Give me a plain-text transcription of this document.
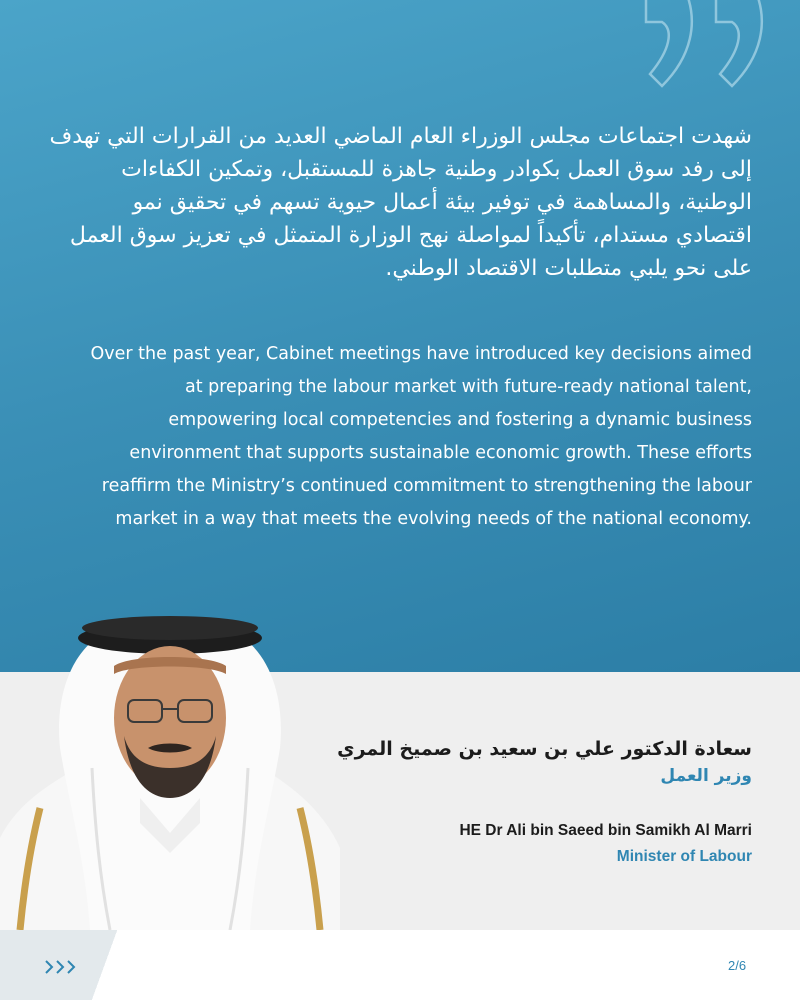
شهدت اجتماعات مجلس الوزراء العام الماضي العديد من القرارات التي تهدف
إلى رفد سوق العمل بكوادر وطنية جاهزة للمستقبل، وتمكين الكفاءات
الوطنية، والمساهمة في توفير بيئة أعمال حيوية تسهم في تحقيق نمو
اقتصادي مستدام، تأكيداً لمواصلة نهج الوزارة المتمثل في تعزيز سوق العمل
على نحو يلبي متطلبات الاقتصاد الوطني.
Over the past year, Cabinet meetings have introduced key decisions aimed
at preparing the labour market with future-ready national talent,
empowering local competencies and fostering a dynamic business
environment that supports sustainable economic growth. These efforts
reaffirm the Ministry’s continued commitment to strengthening the labour
market in a way that meets the evolving needs of the national economy.
سعادة الدكتور علي بن سعيد بن صميخ المري
وزير العمل
HE Dr Ali bin Saeed bin Samikh Al Marri
Minister of Labour
2/6
